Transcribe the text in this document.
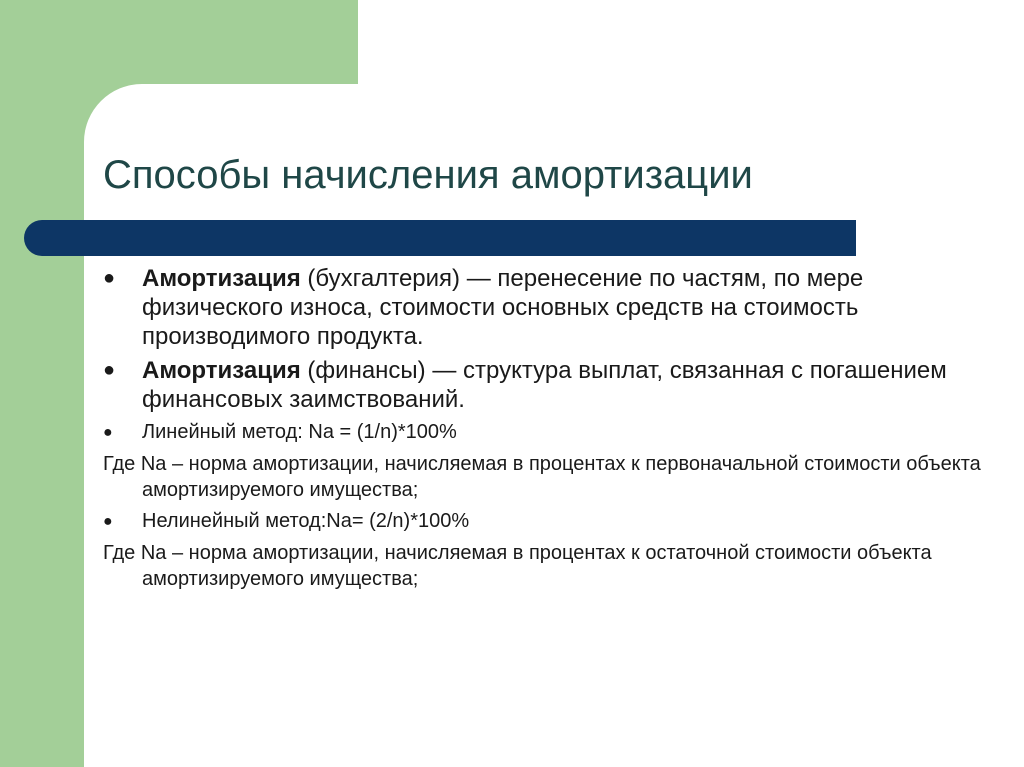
Способы начисления амортизации
● Амортизация (бухгалтерия) — перенесение по частям, по мере физического износа, стоимости основных средств на стоимость производимого продукта.
● Амортизация (финансы) — структура выплат, связанная с погашением финансовых заимствований.
● Линейный метод: Na = (1/n)*100%
Где Na – норма амортизации, начисляемая в процентах к первоначальной стоимости объекта амортизируемого имущества;
● Нелинейный метод:Na= (2/n)*100%
Где Na – норма амортизации, начисляемая в процентах к остаточной стоимости объекта амортизируемого имущества;
